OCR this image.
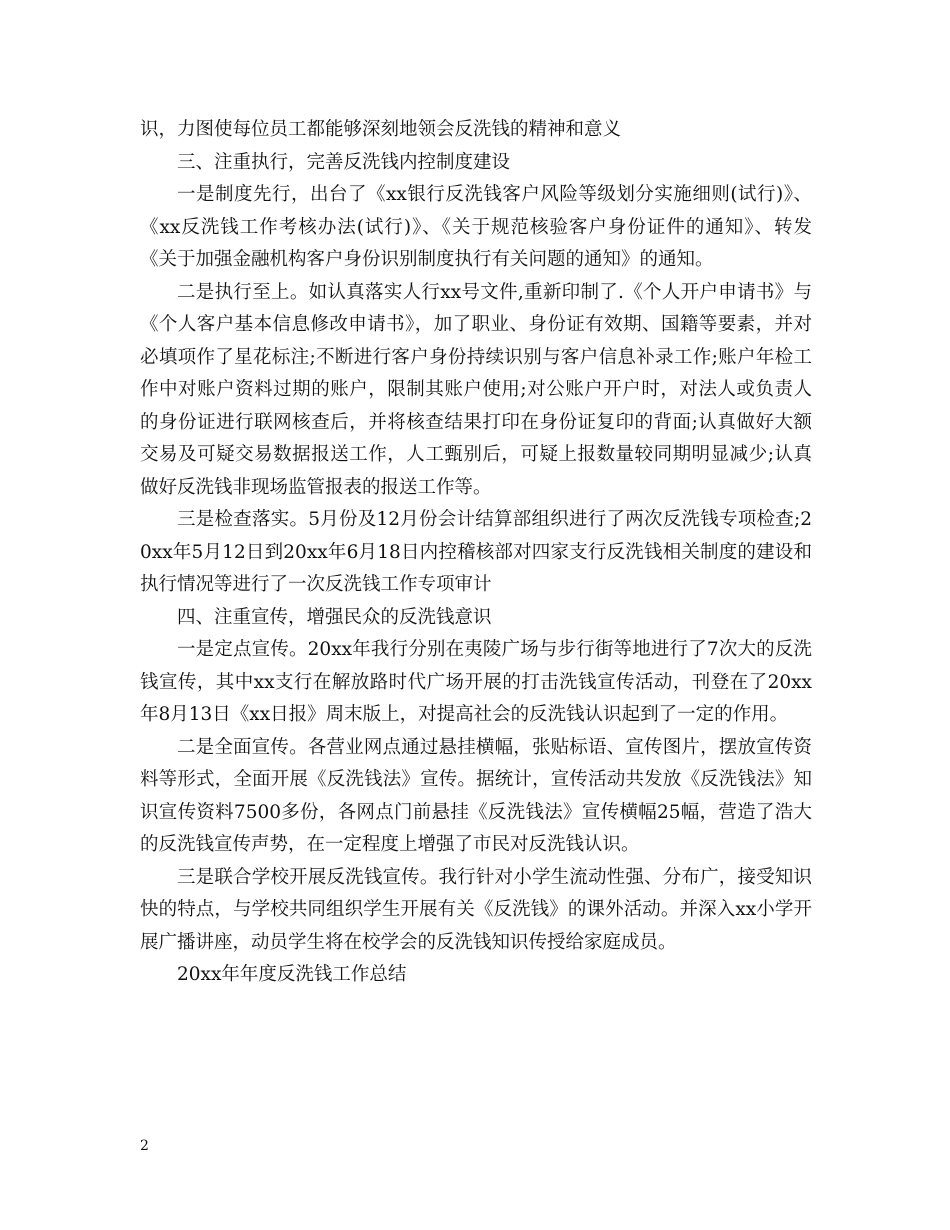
识，力图使每位员工都能够深刻地领会反洗钱的精神和意义

三、注重执行，完善反洗钱内控制度建设

一是制度先行，出台了《xx银行反洗钱客户风险等级划分实施细则(试行)》、《xx反洗钱工作考核办法(试行)》、《关于规范核验客户身份证件的通知》、转发《关于加强金融机构客户身份识别制度执行有关问题的通知》的通知。

二是执行至上。如认真落实人行xx号文件,重新印制了.《个人开户申请书》与《个人客户基本信息修改申请书》，加了职业、身份证有效期、国籍等要素，并对必填项作了星花标注;不断进行客户身份持续识别与客户信息补录工作;账户年检工作中对账户资料过期的账户，限制其账户使用;对公账户开户时，对法人或负责人的身份证进行联网核查后，并将核查结果打印在身份证复印的背面;认真做好大额交易及可疑交易数据报送工作，人工甄别后，可疑上报数量较同期明显减少;认真做好反洗钱非现场监管报表的报送工作等。

三是检查落实。5月份及12月份会计结算部组织进行了两次反洗钱专项检查;20xx年5月12日到20xx年6月18日内控稽核部对四家支行反洗钱相关制度的建设和执行情况等进行了一次反洗钱工作专项审计

四、注重宣传，增强民众的反洗钱意识

一是定点宣传。20xx年我行分别在夷陵广场与步行街等地进行了7次大的反洗钱宣传，其中xx支行在解放路时代广场开展的打击洗钱宣传活动，刊登在了20xx年8月13日《xx日报》周末版上，对提高社会的反洗钱认识起到了一定的作用。

二是全面宣传。各营业网点通过悬挂横幅，张贴标语、宣传图片，摆放宣传资料等形式，全面开展《反洗钱法》宣传。据统计，宣传活动共发放《反洗钱法》知识宣传资料7500多份，各网点门前悬挂《反洗钱法》宣传横幅25幅，营造了浩大的反洗钱宣传声势，在一定程度上增强了市民对反洗钱认识。

三是联合学校开展反洗钱宣传。我行针对小学生流动性强、分布广，接受知识快的特点，与学校共同组织学生开展有关《反洗钱》的课外活动。并深入xx小学开展广播讲座，动员学生将在校学会的反洗钱知识传授给家庭成员。

20xx年年度反洗钱工作总结

2
